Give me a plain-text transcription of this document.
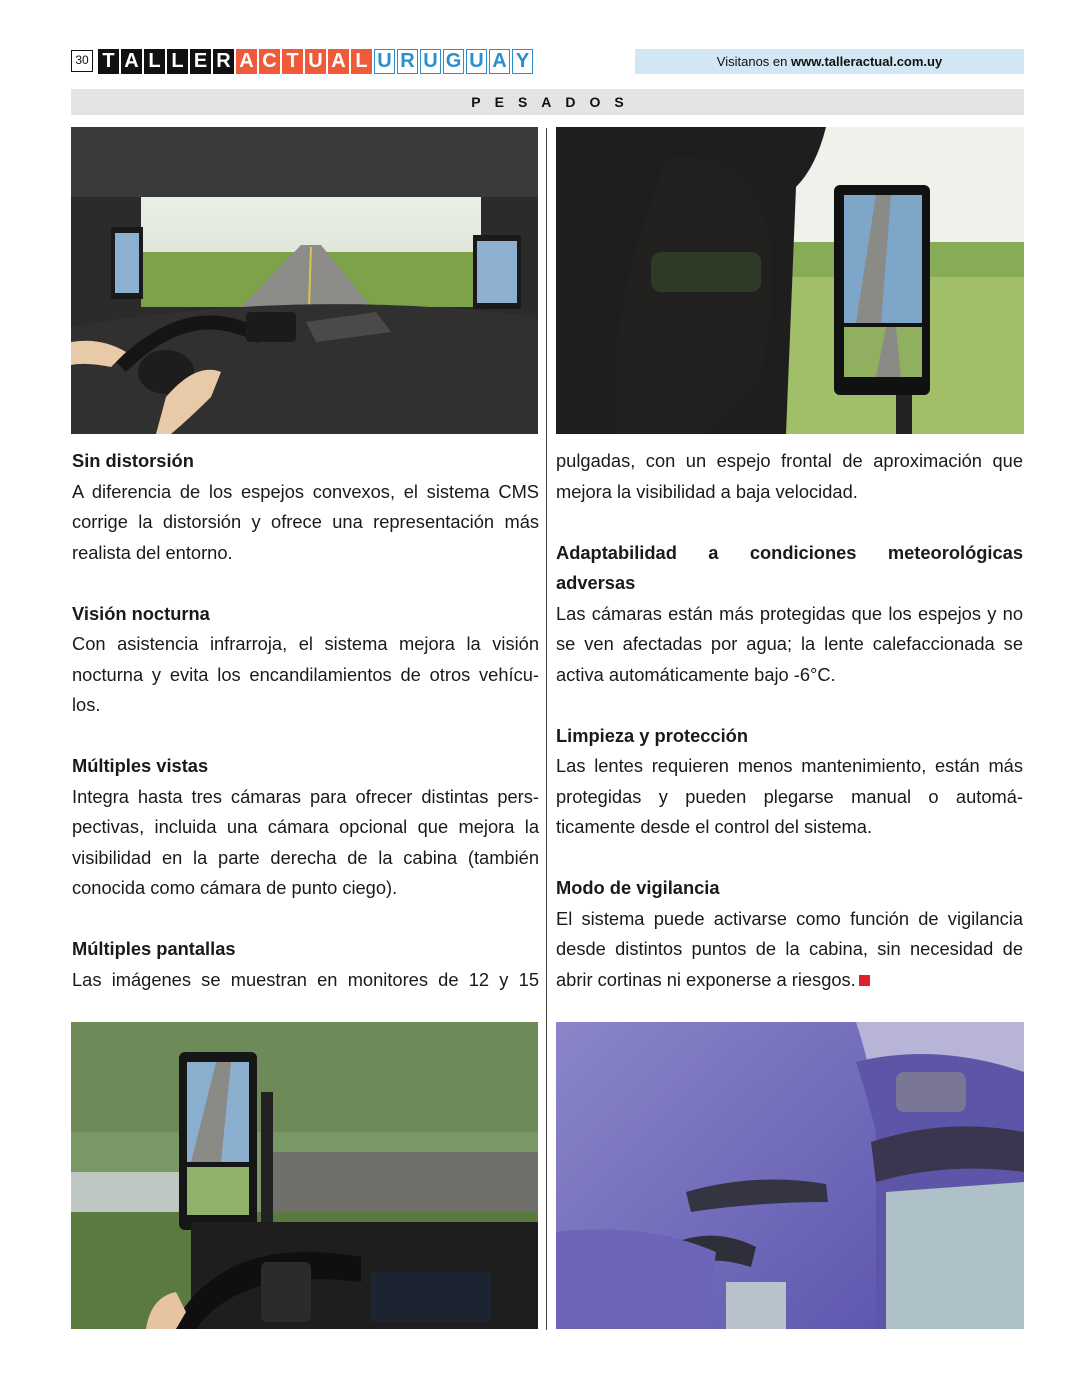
30 T A L L E R A C T U A L U R U G U A Y	Visitanos en www.talleractual.com.uy
PESADOS
Sin distorsión

A diferencia de los espejos convexos, el sistema CMS corrige la distorsión y ofrece una representación más realista del entorno.

Visión nocturna

Con asistencia infrarroja, el sistema mejora la visión nocturna y evita los encandilamientos de otros vehícu-los.

Múltiples vistas

Integra hasta tres cámaras para ofrecer distintas pers-pectivas, incluida una cámara opcional que mejora la visibilidad en la parte derecha de la cabina (también conocida como cámara de punto ciego).

Múltiples pantallas

Las imágenes se muestran en monitores de 12 y 15

pulgadas, con un espejo frontal de aproximación que mejora la visibilidad a baja velocidad.

Adaptabilidad a condiciones meteorológicas adversas

Las cámaras están más protegidas que los espejos y no se ven afectadas por agua; la lente calefaccionada se activa automáticamente bajo -6°C.

Limpieza y protección

Las lentes requieren menos mantenimiento, están más protegidas y pueden plegarse manual o automá-ticamente desde el control del sistema.

Modo de vigilancia

El sistema puede activarse como función de vigilancia desde distintos puntos de la cabina, sin necesidad de abrir cortinas ni exponerse a riesgos.
